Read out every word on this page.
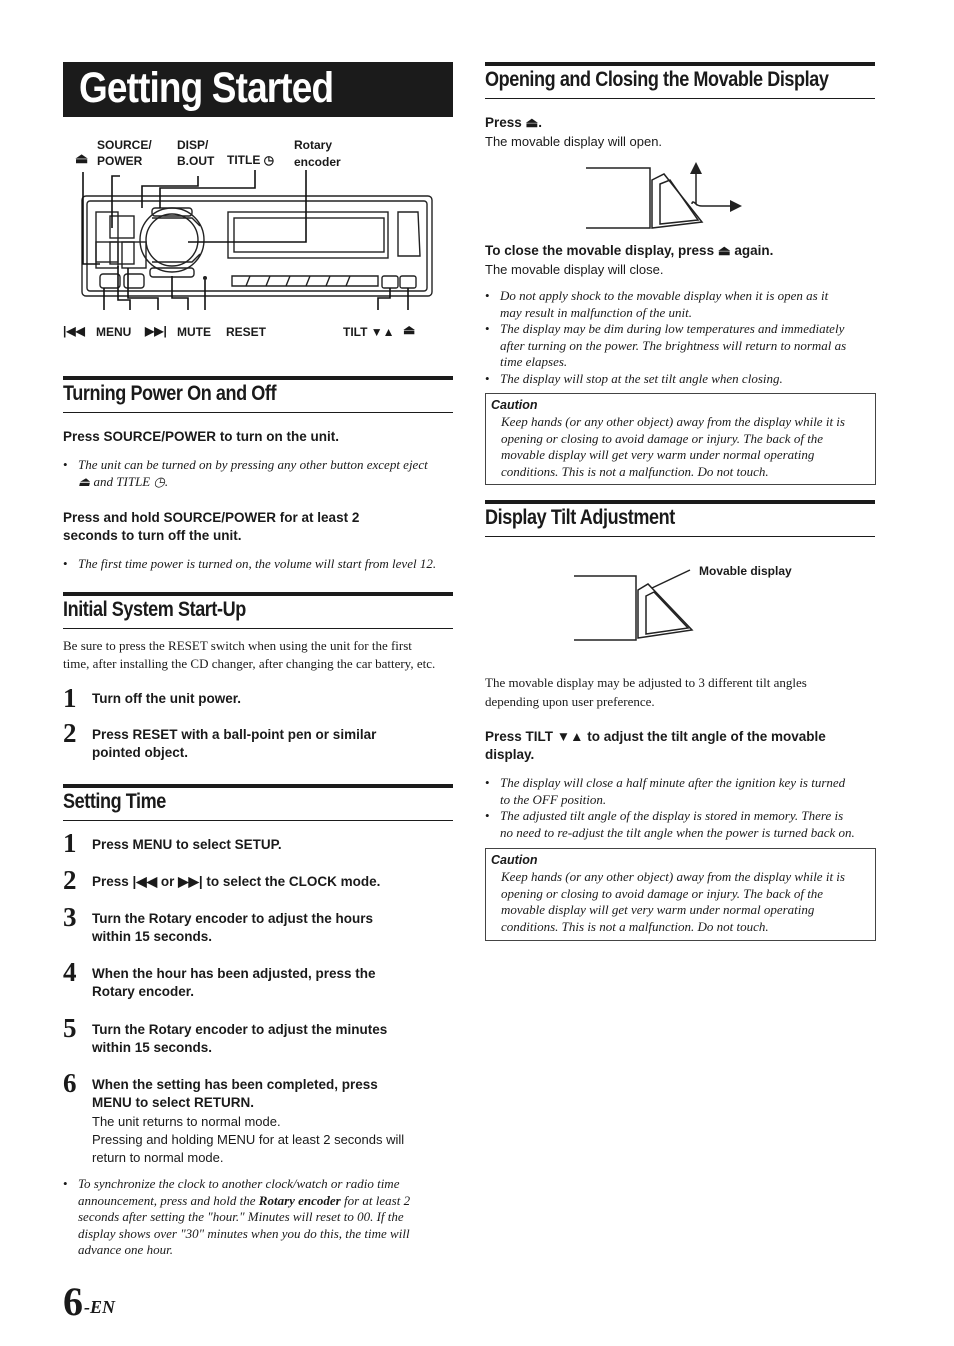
Getting Started
⏏
SOURCE/
POWER
DISP/
B.OUT TITLE ◷
Rotary
encoder
|◀◀ MENU ▶▶| MUTE RESET	TILT ▼▲ ⏏
Turning Power On and Off
Press SOURCE/POWER to turn on the unit.
• The unit can be turned on by pressing any other button except eject
⏏ and TITLE ◷.
Press and hold SOURCE/POWER for at least 2
seconds to turn off the unit.
• The first time power is turned on, the volume will start from level 12.
Initial System Start-Up
Be sure to press the RESET switch when using the unit for the first
time, after installing the CD changer, after changing the car battery, etc.
1 Turn off the unit power.
2 Press RESET with a ball-point pen or similar
pointed object.
Setting Time
1 Press MENU to select SETUP.
2 Press |◀◀ or ▶▶| to select the CLOCK mode.
3 Turn the Rotary encoder to adjust the hours
within 15 seconds.
4 When the hour has been adjusted, press the
Rotary encoder.
5 Turn the Rotary encoder to adjust the minutes
within 15 seconds.
6 When the setting has been completed, press
MENU to select RETURN.
The unit returns to normal mode.
Pressing and holding MENU for at least 2 seconds will
return to normal mode.
• To synchronize the clock to another clock/watch or radio time
announcement, press and hold the Rotary encoder for at least 2
seconds after setting the "hour." Minutes will reset to 00. If the
display shows over "30" minutes when you do this, the time will
advance one hour.
6 -EN
Opening and Closing the Movable Display
Press ⏏.
The movable display will open.
To close the movable display, press ⏏ again.
The movable display will close.
• Do not apply shock to the movable display when it is open as it
may result in malfunction of the unit.
• The display may be dim during low temperatures and immediately
after turning on the power. The brightness will return to normal as
time elapses.
• The display will stop at the set tilt angle when closing.
Caution
Keep hands (or any other object) away from the display while it is
opening or closing to avoid damage or injury. The back of the
movable display will get very warm under normal operating
conditions. This is not a malfunction. Do not touch.
Display Tilt Adjustment
Movable display
The movable display may be adjusted to 3 different tilt angles
depending upon user preference.
Press TILT ▼▲ to adjust the tilt angle of the movable
display.
• The display will close a half minute after the ignition key is turned
to the OFF position.
• The adjusted tilt angle of the display is stored in memory. There is
no need to re-adjust the tilt angle when the power is turned back on.
Caution
Keep hands (or any other object) away from the display while it is
opening or closing to avoid damage or injury. The back of the
movable display will get very warm under normal operating
conditions. This is not a malfunction. Do not touch.
